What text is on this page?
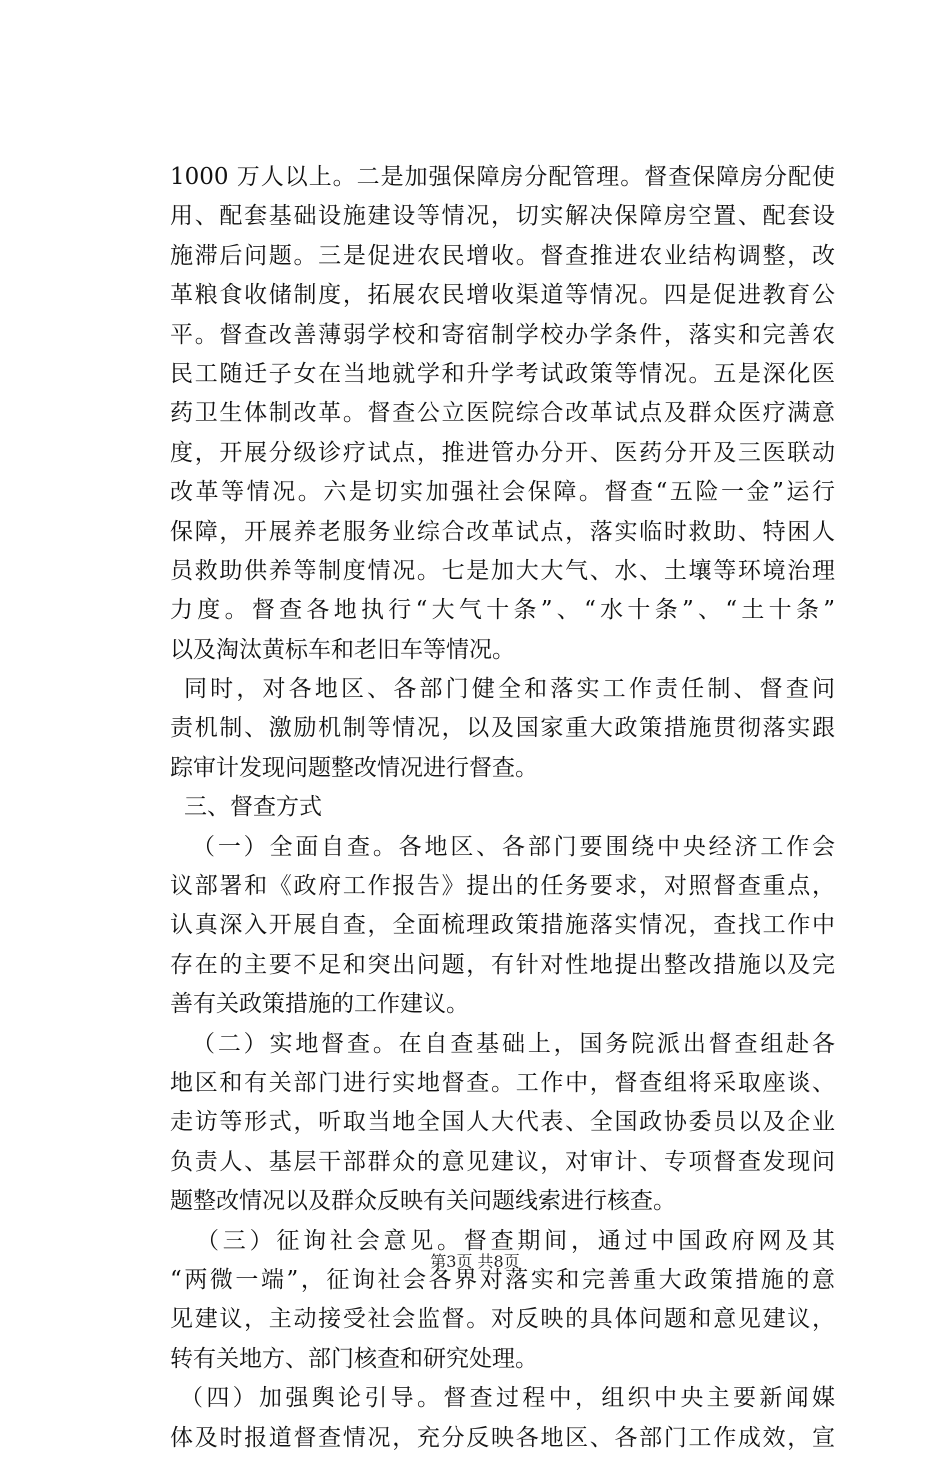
1000 万人以上。二是加强保障房分配管理。督查保障房分配使
用、配套基础设施建设等情况，切实解决保障房空置、配套设
施滞后问题。三是促进农民增收。督查推进农业结构调整，改
革粮食收储制度，拓展农民增收渠道等情况。四是促进教育公
平。督查改善薄弱学校和寄宿制学校办学条件，落实和完善农
民工随迁子女在当地就学和升学考试政策等情况。五是深化医
药卫生体制改革。督查公立医院综合改革试点及群众医疗满意
度，开展分级诊疗试点，推进管办分开、医药分开及三医联动
改革等情况。六是切实加强社会保障。督查“五险一金”运行
保障，开展养老服务业综合改革试点，落实临时救助、特困人
员救助供养等制度情况。七是加大大气、水、土壤等环境治理
力度。督查各地执行“大气十条”、“水十条”、“土十条”
以及淘汰黄标车和老旧车等情况。
同时，对各地区、各部门健全和落实工作责任制、督查问
责机制、激励机制等情况，以及国家重大政策措施贯彻落实跟
踪审计发现问题整改情况进行督查。
三、督查方式
（一）全面自查。各地区、各部门要围绕中央经济工作会
议部署和《政府工作报告》提出的任务要求，对照督查重点，
认真深入开展自查，全面梳理政策措施落实情况，查找工作中
存在的主要不足和突出问题，有针对性地提出整改措施以及完
善有关政策措施的工作建议。
（二）实地督查。在自查基础上，国务院派出督查组赴各
地区和有关部门进行实地督查。工作中，督查组将采取座谈、
走访等形式，听取当地全国人大代表、全国政协委员以及企业
负责人、基层干部群众的意见建议，对审计、专项督查发现问
题整改情况以及群众反映有关问题线索进行核查。
（三）征询社会意见。督查期间，通过中国政府网及其
“两微一端”，征询社会各界对落实和完善重大政策措施的意
见建议，主动接受社会监督。对反映的具体问题和意见建议，
转有关地方、部门核查和研究处理。
（四）加强舆论引导。督查过程中，组织中央主要新闻媒
体及时报道督查情况，充分反映各地区、各部门工作成效，宣
第3页 共8页
